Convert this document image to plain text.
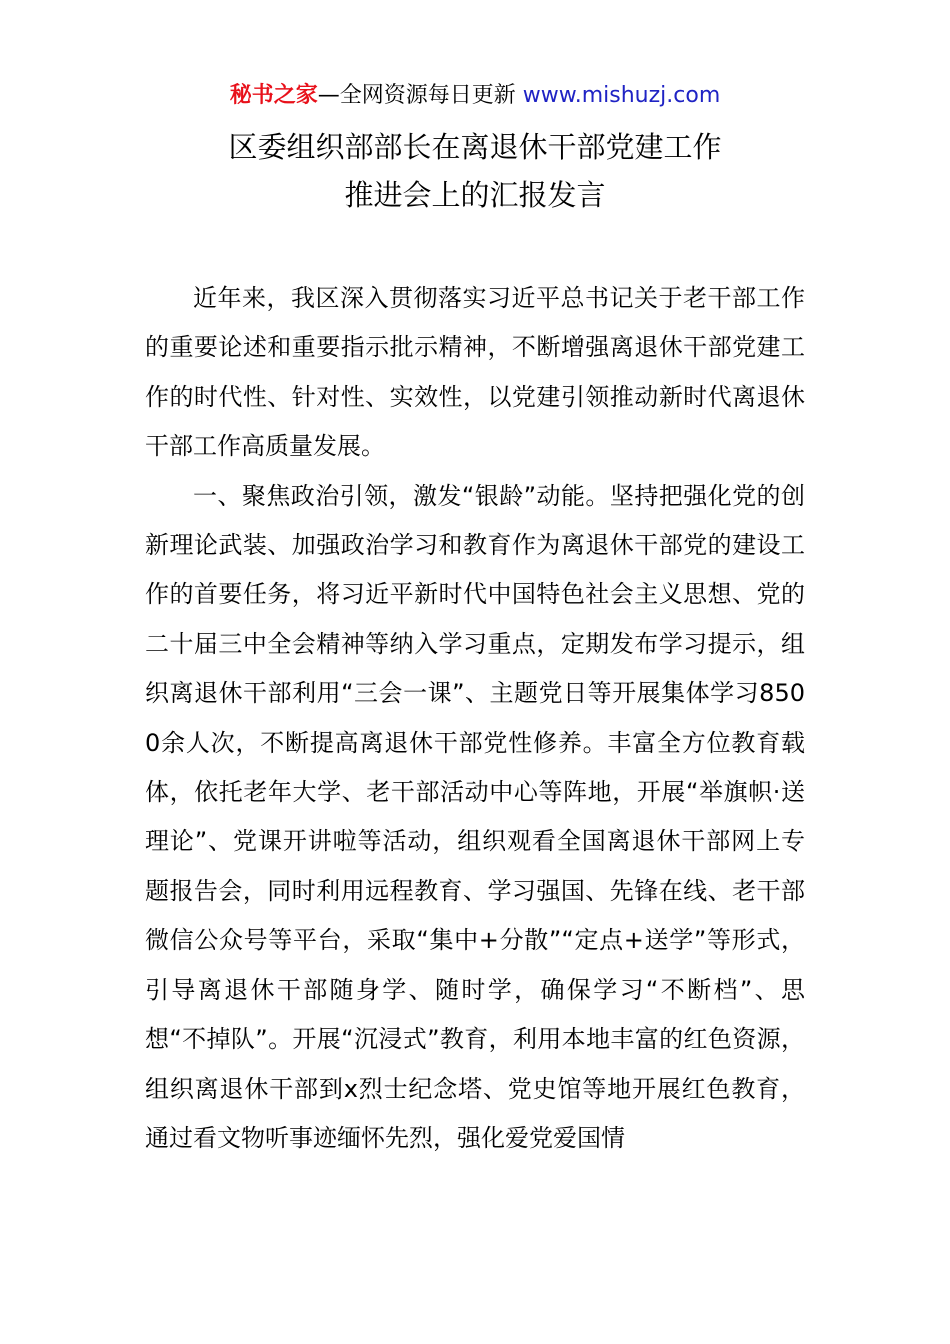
秘书之家—全网资源每日更新 www.mishuzj.com
区委组织部部长在离退休干部党建工作
推进会上的汇报发言

近年来，我区深入贯彻落实习近平总书记关于老干部工作的重要论述和重要指示批示精神，不断增强离退休干部党建工作的时代性、针对性、实效性，以党建引领推动新时代离退休干部工作高质量发展。

一、聚焦政治引领，激发“银龄”动能。坚持把强化党的创新理论武装、加强政治学习和教育作为离退休干部党的建设工作的首要任务，将习近平新时代中国特色社会主义思想、党的二十届三中全会精神等纳入学习重点，定期发布学习提示，组织离退休干部利用“三会一课”、主题党日等开展集体学习8500余人次，不断提高离退休干部党性修养。丰富全方位教育载体，依托老年大学、老干部活动中心等阵地，开展“举旗帜·送理论”、党课开讲啦等活动，组织观看全国离退休干部网上专题报告会，同时利用远程教育、学习强国、先锋在线、老干部微信公众号等平台，采取“集中+分散”“定点+送学”等形式，引导离退休干部随身学、随时学，确保学习“不断档”、思想“不掉队”。开展“沉浸式”教育，利用本地丰富的红色资源，组织离退休干部到x烈士纪念塔、党史馆等地开展红色教育，通过看文物听事迹缅怀先烈，强化爱党爱国情
